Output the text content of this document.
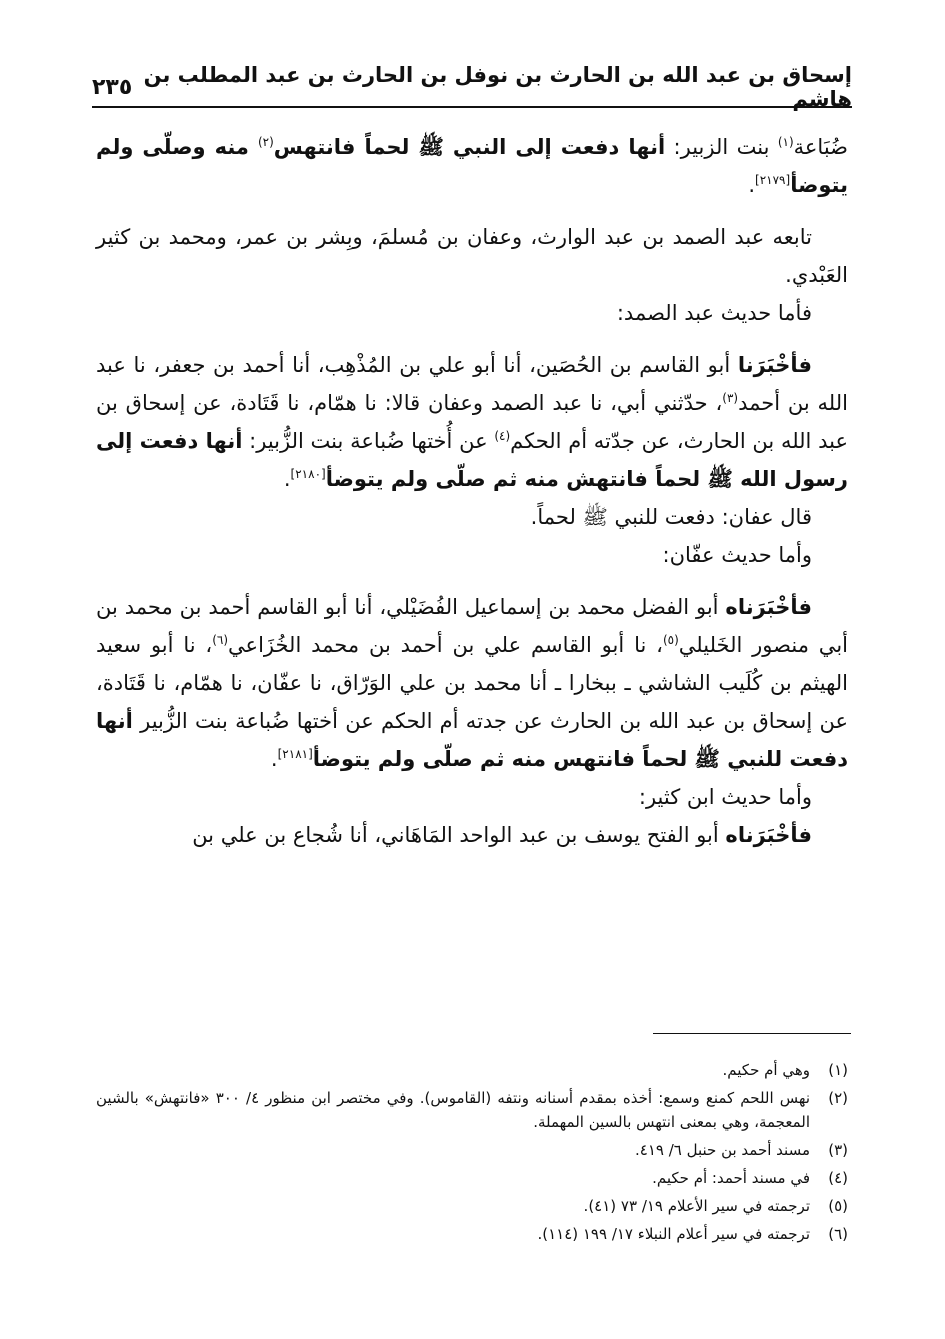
إسحاق بن عبد الله بن الحارث بن نوفل بن الحارث بن عبد المطلب بن هاشم
٢٣٥

ضُبَاعة$^{(١)}$ بنت الزبير: أنها دفعت إلى النبي ﷺ لحماً فانتهس$^{(٢)}$ منه وصلّى ولم يتوضأ[٢١٧٩].

تابعه عبد الصمد بن عبد الوارث، وعفان بن مُسلمَ، وبِشر بن عمر، ومحمد بن كثير العَبْدي.

فأما حديث عبد الصمد:

فأخْبَرَنا أبو القاسم بن الحُصَين، أنا أبو علي بن المُذْهِب، أنا أحمد بن جعفر، نا عبد الله بن أحمد$^{(٣)}$، حدّثني أبي، نا عبد الصمد وعفان قالا: نا همّام، نا قَتَادة، عن إسحاق بن عبد الله بن الحارث، عن جدّته أم الحكم$^{(٤)}$ عن أُختها ضُباعة بنت الزُّبير: أنها دفعت إلى رسول الله ﷺ لحماً فانتهش منه ثم صلّى ولم يتوضأ[٢١٨٠].

قال عفان: دفعت للنبي ﷺ لحماً.

وأما حديث عفّان:

فأخْبَرَناه أبو الفضل محمد بن إسماعيل الفُضَيْلي، أنا أبو القاسم أحمد بن محمد بن أبي منصور الخَليلي$^{(٥)}$، نا أبو القاسم علي بن أحمد بن محمد الخُزَاعي$^{(٦)}$، نا أبو سعيد الهيثم بن كُلَيب الشاشي ـ ببخارا ـ أنا محمد بن علي الوَرّاق، نا عفّان، نا همّام، نا قَتَادة، عن إسحاق بن عبد الله بن الحارث عن جدته أم الحكم عن أختها ضُباعة بنت الزُّبير أنها دفعت للنبي ﷺ لحماً فانتهس منه ثم صلّى ولم يتوضأ[٢١٨١].

وأما حديث ابن كثير:

فأخْبَرَناه أبو الفتح يوسف بن عبد الواحد المَاهَاني، أنا شُجاع بن علي بن

(١)
وهي أم حكيم.
(٢)
نهس اللحم كمنع وسمع: أخذه بمقدم أسنانه ونتفه (القاموس). وفي مختصر ابن منظور ٤/ ٣٠٠ «فانتهش» بالشين المعجمة، وهي بمعنى انتهس بالسين المهملة.
(٣)
مسند أحمد بن حنبل ٦/ ٤١٩.
(٤)
في مسند أحمد: أم حكيم.
(٥)
ترجمته في سير الأعلام ١٩/ ٧٣ (٤١).
(٦)
ترجمته في سير أعلام النبلاء ١٧/ ١٩٩ (١١٤).
